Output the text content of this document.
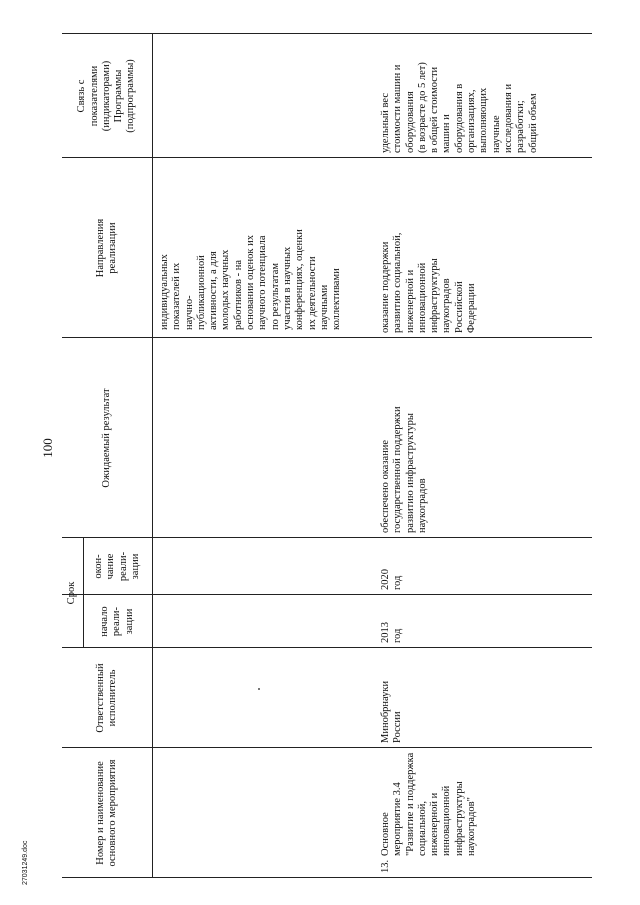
100
Номер и наименование
основного мероприятия
Ответственный
исполнитель
Срок
начало
реали-
зации
окон-
чание
реали-
зации
Ожидаемый результат
Направления
реализации
Связь с
показателями
(индикаторами)
Программы
(подпрограммы)
индивидуальных
показателей их
научно-
публикационной
активности, а для
молодых научных
работников - на
основании оценок их
научного потенциала
по результатам
участия в научных
конференциях, оценки
их деятельности
научными
коллективами
13.
Основное
мероприятие 3.4
"Развитие и поддержка
социальной,
инженерной и
инновационной
инфраструктуры
наукоградов"
Минобрнауки
России
2013
год
2020
год
обеспечено оказание
государственной поддержки
развитию инфраструктуры
наукоградов
оказание поддержки
развитию социальной,
инженерной и
инновационной
инфраструктуры
наукоградов
Российской
Федерации
удельный вес
стоимости машин и
оборудования
(в возрасте до 5 лет)
в общей стоимости
машин и
оборудования в
организациях,
выполняющих
научные
исследования и
разработки;
общий объем
27031249.doc
